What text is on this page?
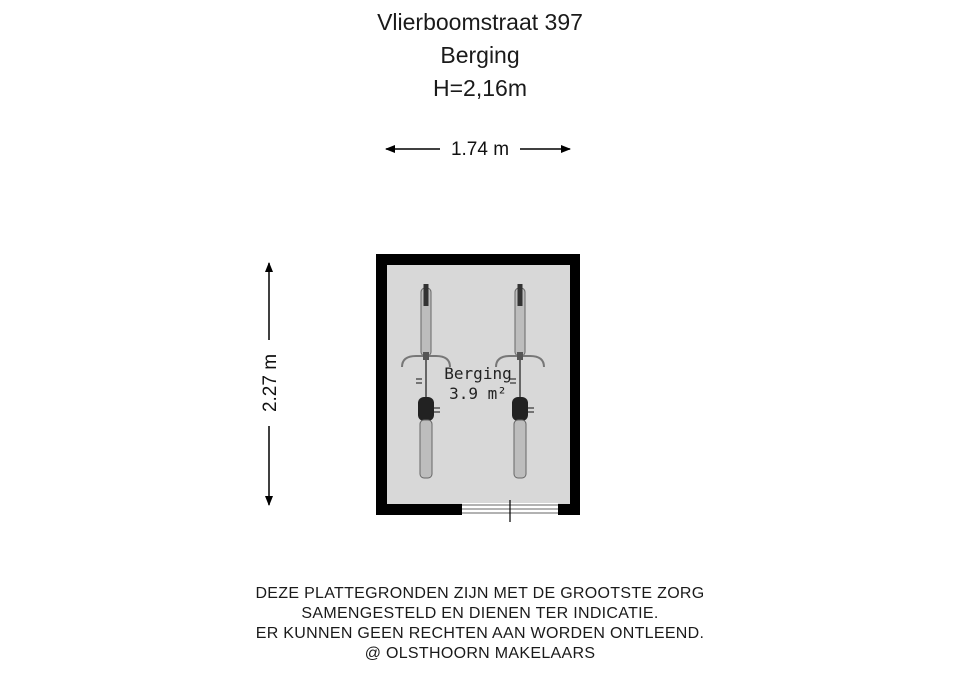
Vlierboomstraat 397
Berging
H=2,16m
1.74 m
2.27 m	Berging
3.9 m²
DEZE PLATTEGRONDEN ZIJN MET DE GROOTSTE ZORG
SAMENGESTELD EN DIENEN TER INDICATIE.
ER KUNNEN GEEN RECHTEN AAN WORDEN ONTLEEND.
@ OLSTHOORN MAKELAARS
